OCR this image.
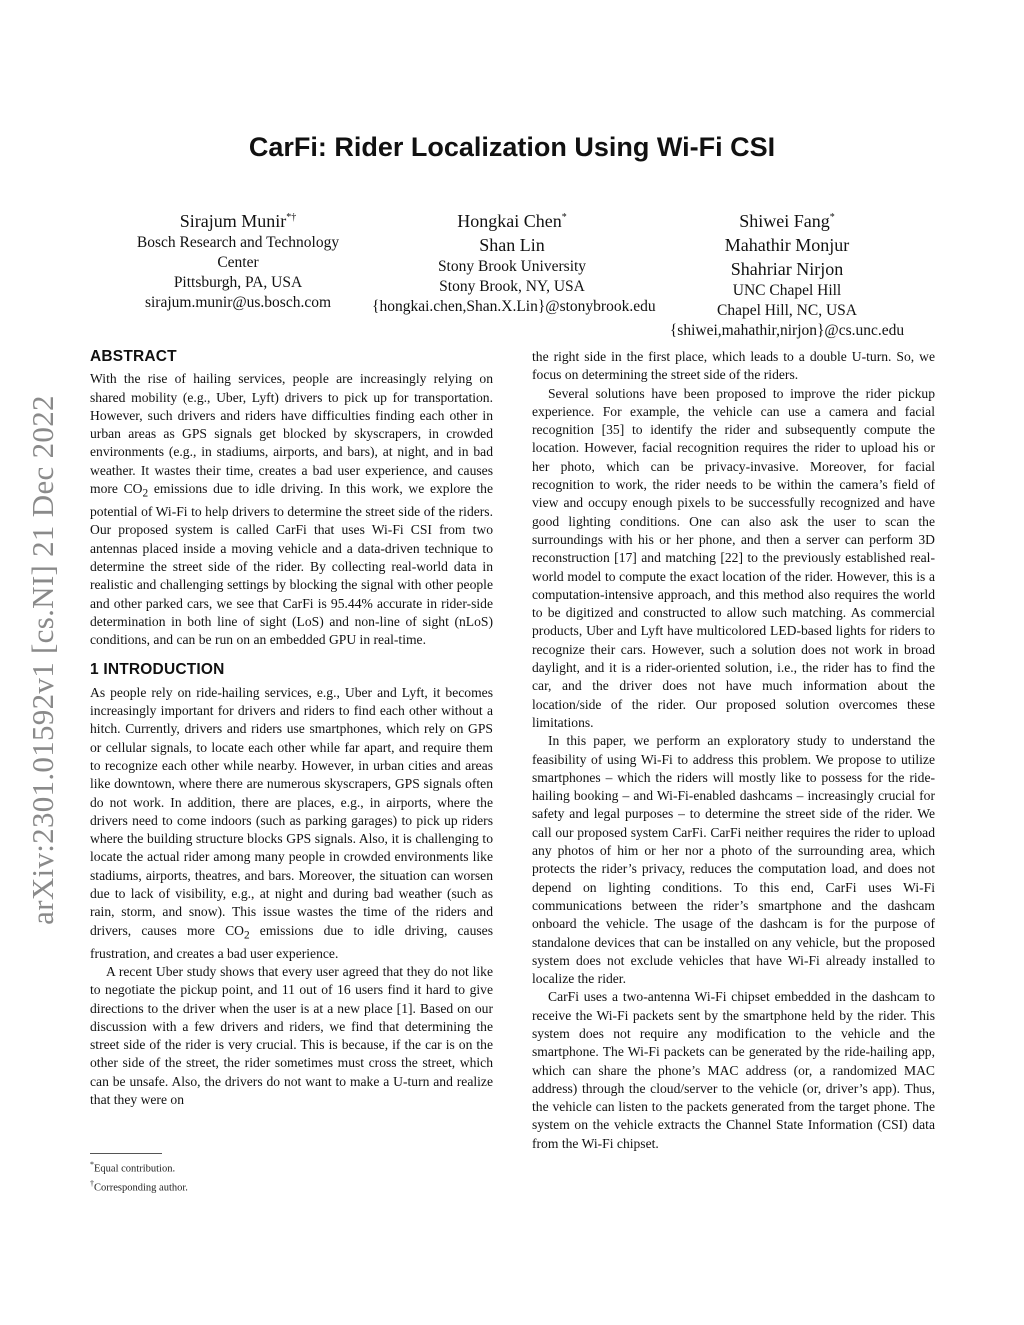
arXiv:2301.01592v1 [cs.NI] 21 Dec 2022
CarFi: Rider Localization Using Wi-Fi CSI
Sirajum Munir*†
Bosch Research and Technology
Center
Pittsburgh, PA, USA
sirajum.munir@us.bosch.com
Hongkai Chen*
Shan Lin
Stony Brook University
Stony Brook, NY, USA
{hongkai.chen,Shan.X.Lin}@stonybrook.edu
Shiwei Fang*
Mahathir Monjur
Shahriar Nirjon
UNC Chapel Hill
Chapel Hill, NC, USA
{shiwei,mahathir,nirjon}@cs.unc.edu
ABSTRACT

With the rise of hailing services, people are increasingly relying on shared mobility (e.g., Uber, Lyft) drivers to pick up for transportation. However, such drivers and riders have difficulties finding each other in urban areas as GPS signals get blocked by skyscrapers, in crowded environments (e.g., in stadiums, airports, and bars), at night, and in bad weather. It wastes their time, creates a bad user experience, and causes more $CO_2$ emissions due to idle driving. In this work, we explore the potential of Wi-Fi to help drivers to determine the street side of the riders. Our proposed system is called CarFi that uses Wi-Fi CSI from two antennas placed inside a moving vehicle and a data-driven technique to determine the street side of the rider. By collecting real-world data in realistic and challenging settings by blocking the signal with other people and other parked cars, we see that CarFi is 95.44% accurate in rider-side determination in both line of sight (LoS) and non-line of sight (nLoS) conditions, and can be run on an embedded GPU in real-time.

1 INTRODUCTION

As people rely on ride-hailing services, e.g., Uber and Lyft, it becomes increasingly important for drivers and riders to find each other without a hitch. Currently, drivers and riders use smartphones, which rely on GPS or cellular signals, to locate each other while far apart, and require them to recognize each other while nearby. However, in urban cities and areas like downtown, where there are numerous skyscrapers, GPS signals often do not work. In addition, there are places, e.g., in airports, where the drivers need to come indoors (such as parking garages) to pick up riders where the building structure blocks GPS signals. Also, it is challenging to locate the actual rider among many people in crowded environments like stadiums, airports, theatres, and bars. Moreover, the situation can worsen due to lack of visibility, e.g., at night and during bad weather (such as rain, storm, and snow). This issue wastes the time of the riders and drivers, causes more $CO_2$ emissions due to idle driving, causes frustration, and creates a bad user experience.

A recent Uber study shows that every user agreed that they do not like to negotiate the pickup point, and 11 out of 16 users find it hard to give directions to the driver when the user is at a new place [1]. Based on our discussion with a few drivers and riders, we find that determining the street side of the rider is very crucial. This is because, if the car is on the other side of the street, the rider sometimes must cross the street, which can be unsafe. Also, the drivers do not want to make a U-turn and realize that they were on

the right side in the first place, which leads to a double U-turn. So, we focus on determining the street side of the riders.

Several solutions have been proposed to improve the rider pickup experience. For example, the vehicle can use a camera and facial recognition [35] to identify the rider and subsequently compute the location. However, facial recognition requires the rider to upload his or her photo, which can be privacy-invasive. Moreover, for facial recognition to work, the rider needs to be within the camera’s field of view and occupy enough pixels to be successfully recognized and have good lighting conditions. One can also ask the user to scan the surroundings with his or her phone, and then a server can perform 3D reconstruction [17] and matching [22] to the previously established real-world model to compute the exact location of the rider. However, this is a computation-intensive approach, and this method also requires the world to be digitized and constructed to allow such matching. As commercial products, Uber and Lyft have multicolored LED-based lights for riders to recognize their cars. However, such a solution does not work in broad daylight, and it is a rider-oriented solution, i.e., the rider has to find the car, and the driver does not have much information about the location/side of the rider. Our proposed solution overcomes these limitations.

In this paper, we perform an exploratory study to understand the feasibility of using Wi-Fi to address this problem. We propose to utilize smartphones – which the riders will mostly like to possess for the ride-hailing booking – and Wi-Fi-enabled dashcams – increasingly crucial for safety and legal purposes – to determine the street side of the rider. We call our proposed system CarFi. CarFi neither requires the rider to upload any photos of him or her nor a photo of the surrounding area, which protects the rider’s privacy, reduces the computation load, and does not depend on lighting conditions. To this end, CarFi uses Wi-Fi communications between the rider’s smartphone and the dashcam onboard the vehicle. The usage of the dashcam is for the purpose of standalone devices that can be installed on any vehicle, but the proposed system does not exclude vehicles that have Wi-Fi already installed to localize the rider.

CarFi uses a two-antenna Wi-Fi chipset embedded in the dashcam to receive the Wi-Fi packets sent by the smartphone held by the rider. This system does not require any modification to the vehicle and the smartphone. The Wi-Fi packets can be generated by the ride-hailing app, which can share the phone’s MAC address (or, a randomized MAC address) through the cloud/server to the vehicle (or, driver’s app). Thus, the vehicle can listen to the packets generated from the target phone. The system on the vehicle extracts the Channel State Information (CSI) data from the Wi-Fi chipset.

*Equal contribution.
†Corresponding author.
